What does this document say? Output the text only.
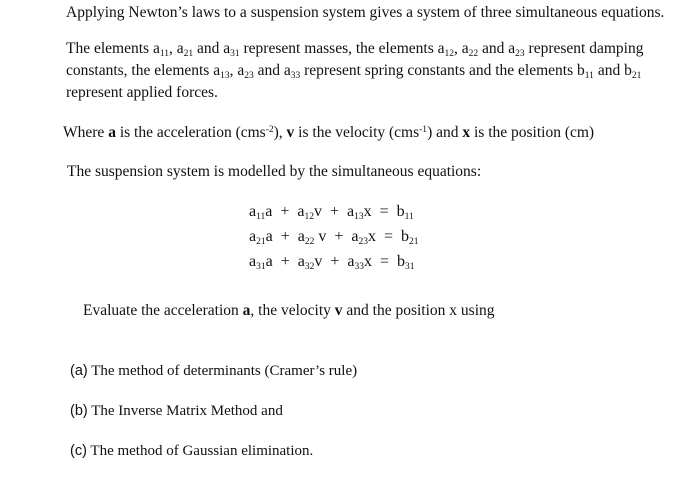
Applying Newton’s laws to a suspension system gives a system of three simultaneous equations.
The elements $a_{11}$, $a_{21}$ and $a_{31}$ represent masses, the elements $a_{12}$, $a_{22}$ and $a_{23}$ represent damping
constants, the elements $a_{13}$, $a_{23}$ and $a_{33}$ represent spring constants and the elements $b_{11}$ and $b_{21}$
represent applied forces.
Where a is the acceleration (cms$^{-2}$), v is the velocity (cms$^{-1}$) and x is the position (cm)
The suspension system is modelled by the simultaneous equations:
$a_{11}a + a_{12}v + a_{13}x = b_{11}$
$a_{21}a + a_{22}$ $v + a_{23}x = b_{21}$
$a_{31}a + a_{32}v + a_{33}x = b_{31}$
Evaluate the acceleration a, the velocity v and the position x using
(a) The method of determinants (Cramer’s rule)
(b) The Inverse Matrix Method and
(c) The method of Gaussian elimination.
